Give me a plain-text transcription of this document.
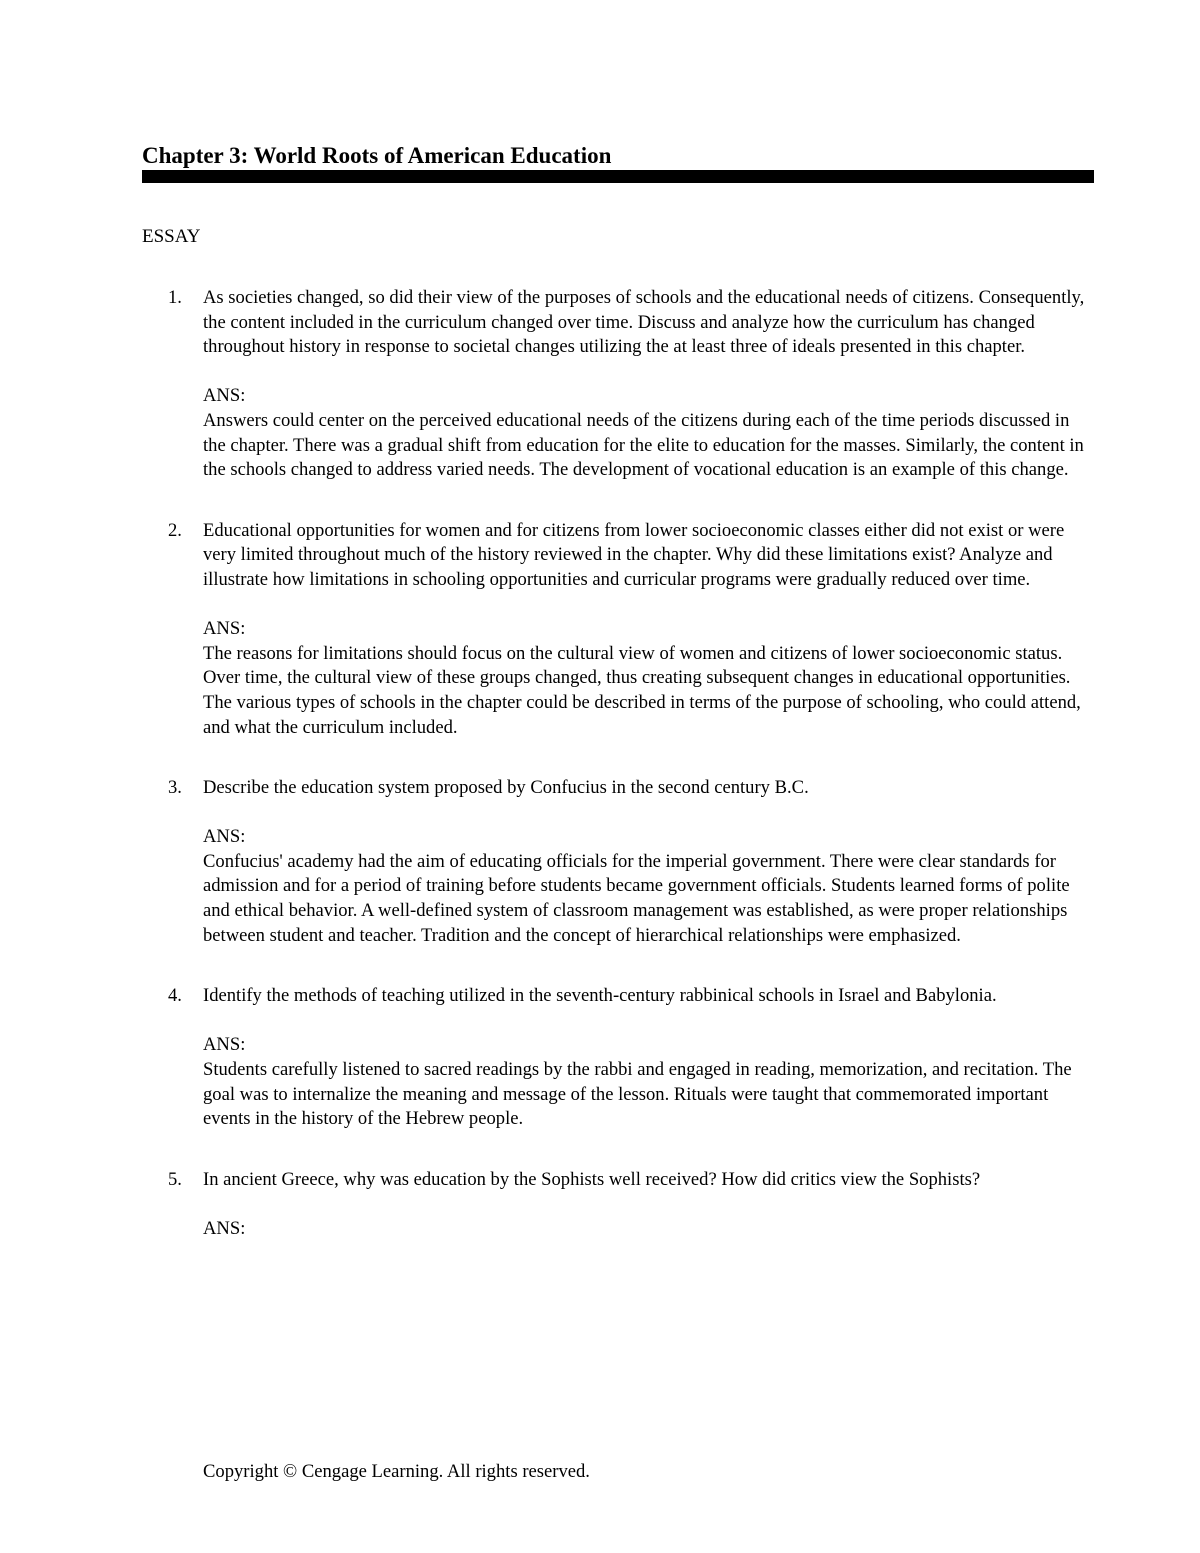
Chapter 3: World Roots of American Education
ESSAY
1. As societies changed, so did their view of the purposes of schools and the educational needs of citizens. Consequently, the content included in the curriculum changed over time. Discuss and analyze how the curriculum has changed throughout history in response to societal changes utilizing the at least three of ideals presented in this chapter.

ANS:

Answers could center on the perceived educational needs of the citizens during each of the time periods discussed in the chapter. There was a gradual shift from education for the elite to education for the masses. Similarly, the content in the schools changed to address varied needs. The development of vocational education is an example of this change.

2. Educational opportunities for women and for citizens from lower socioeconomic classes either did not exist or were very limited throughout much of the history reviewed in the chapter. Why did these limitations exist? Analyze and illustrate how limitations in schooling opportunities and curricular programs were gradually reduced over time.

ANS:

The reasons for limitations should focus on the cultural view of women and citizens of lower socioeconomic status. Over time, the cultural view of these groups changed, thus creating subsequent changes in educational opportunities. The various types of schools in the chapter could be described in terms of the purpose of schooling, who could attend, and what the curriculum included.

3. Describe the education system proposed by Confucius in the second century B.C.

ANS:

Confucius' academy had the aim of educating officials for the imperial government. There were clear standards for admission and for a period of training before students became government officials. Students learned forms of polite and ethical behavior. A well-defined system of classroom management was established, as were proper relationships between student and teacher. Tradition and the concept of hierarchical relationships were emphasized.

4. Identify the methods of teaching utilized in the seventh-century rabbinical schools in Israel and Babylonia.

ANS:

Students carefully listened to sacred readings by the rabbi and engaged in reading, memorization, and recitation. The goal was to internalize the meaning and message of the lesson. Rituals were taught that commemorated important events in the history of the Hebrew people.

5. In ancient Greece, why was education by the Sophists well received? How did critics view the Sophists?

ANS:

Copyright © Cengage Learning. All rights reserved.
